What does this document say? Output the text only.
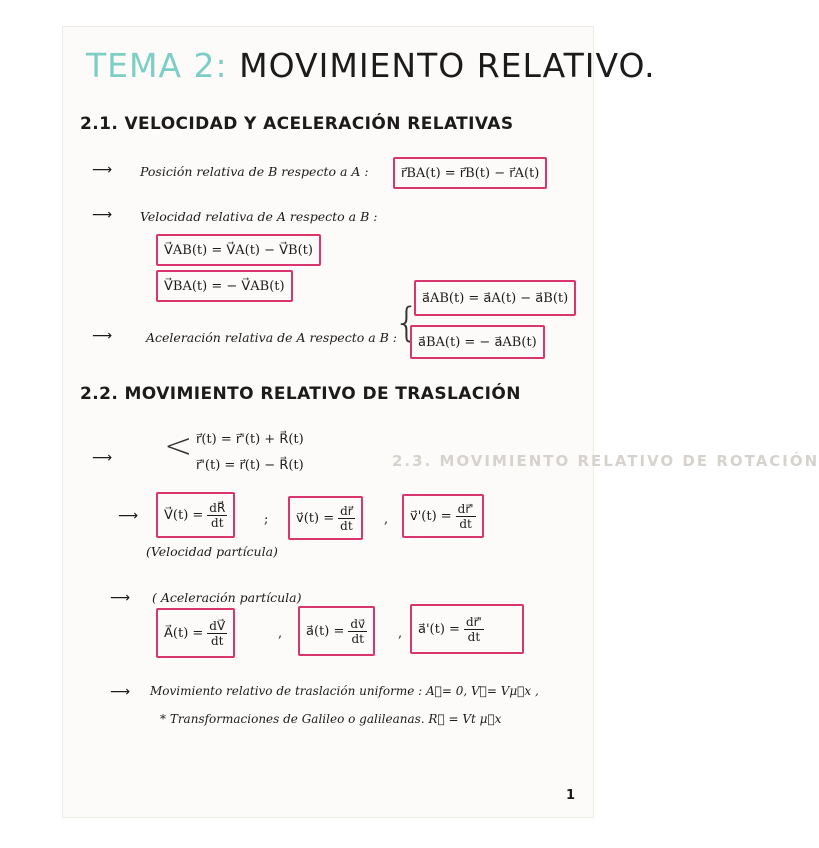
2.3. MOVIMIENTO RELATIVO DE ROTACIÓN
TEMA 2: MOVIMIENTO RELATIVO.
2.1. VELOCIDAD Y ACELERACIÓN RELATIVAS
⟶ Posición relativa de B respecto a A :	r⃗BA(t) = r⃗B(t) − r⃗A(t)
⟶ Velocidad relativa de A respecto a B :
V⃗AB(t) = V⃗A(t) − V⃗B(t)
V⃗BA(t) = − V⃗AB(t)
⟶	Aceleración relativa de A respecto a B :
{
a⃗AB(t) = a⃗A(t) − a⃗B(t)
a⃗BA(t) = − a⃗AB(t)
2.2. MOVIMIENTO RELATIVO DE TRASLACIÓN
⟶ < r⃗(t) = r⃗'(t) + R⃗(t)
r⃗'(t) = r⃗(t) − R⃗(t)
⟶ V⃗(t) = $\frac{dR⃗}{dt}$	; v⃗(t) = $\frac{dr⃗}{dt}$ , v⃗'(t) = $\frac{dr⃗'}{dt}$
(Velocidad partícula)
⟶ ( Aceleración partícula)
A⃗(t) = $\frac{dV⃗}{dt}$	, a⃗(t) = $\frac{dv⃗}{dt}$ , a⃗'(t) = $\frac{dr⃗'}{dt}$
⟶ Movimiento relativo de traslación uniforme : A⃗= 0, V⃗= Vμ⃗x ,
* Transformaciones de Galileo o galileanas. R⃗ = Vt μ⃗x
1
